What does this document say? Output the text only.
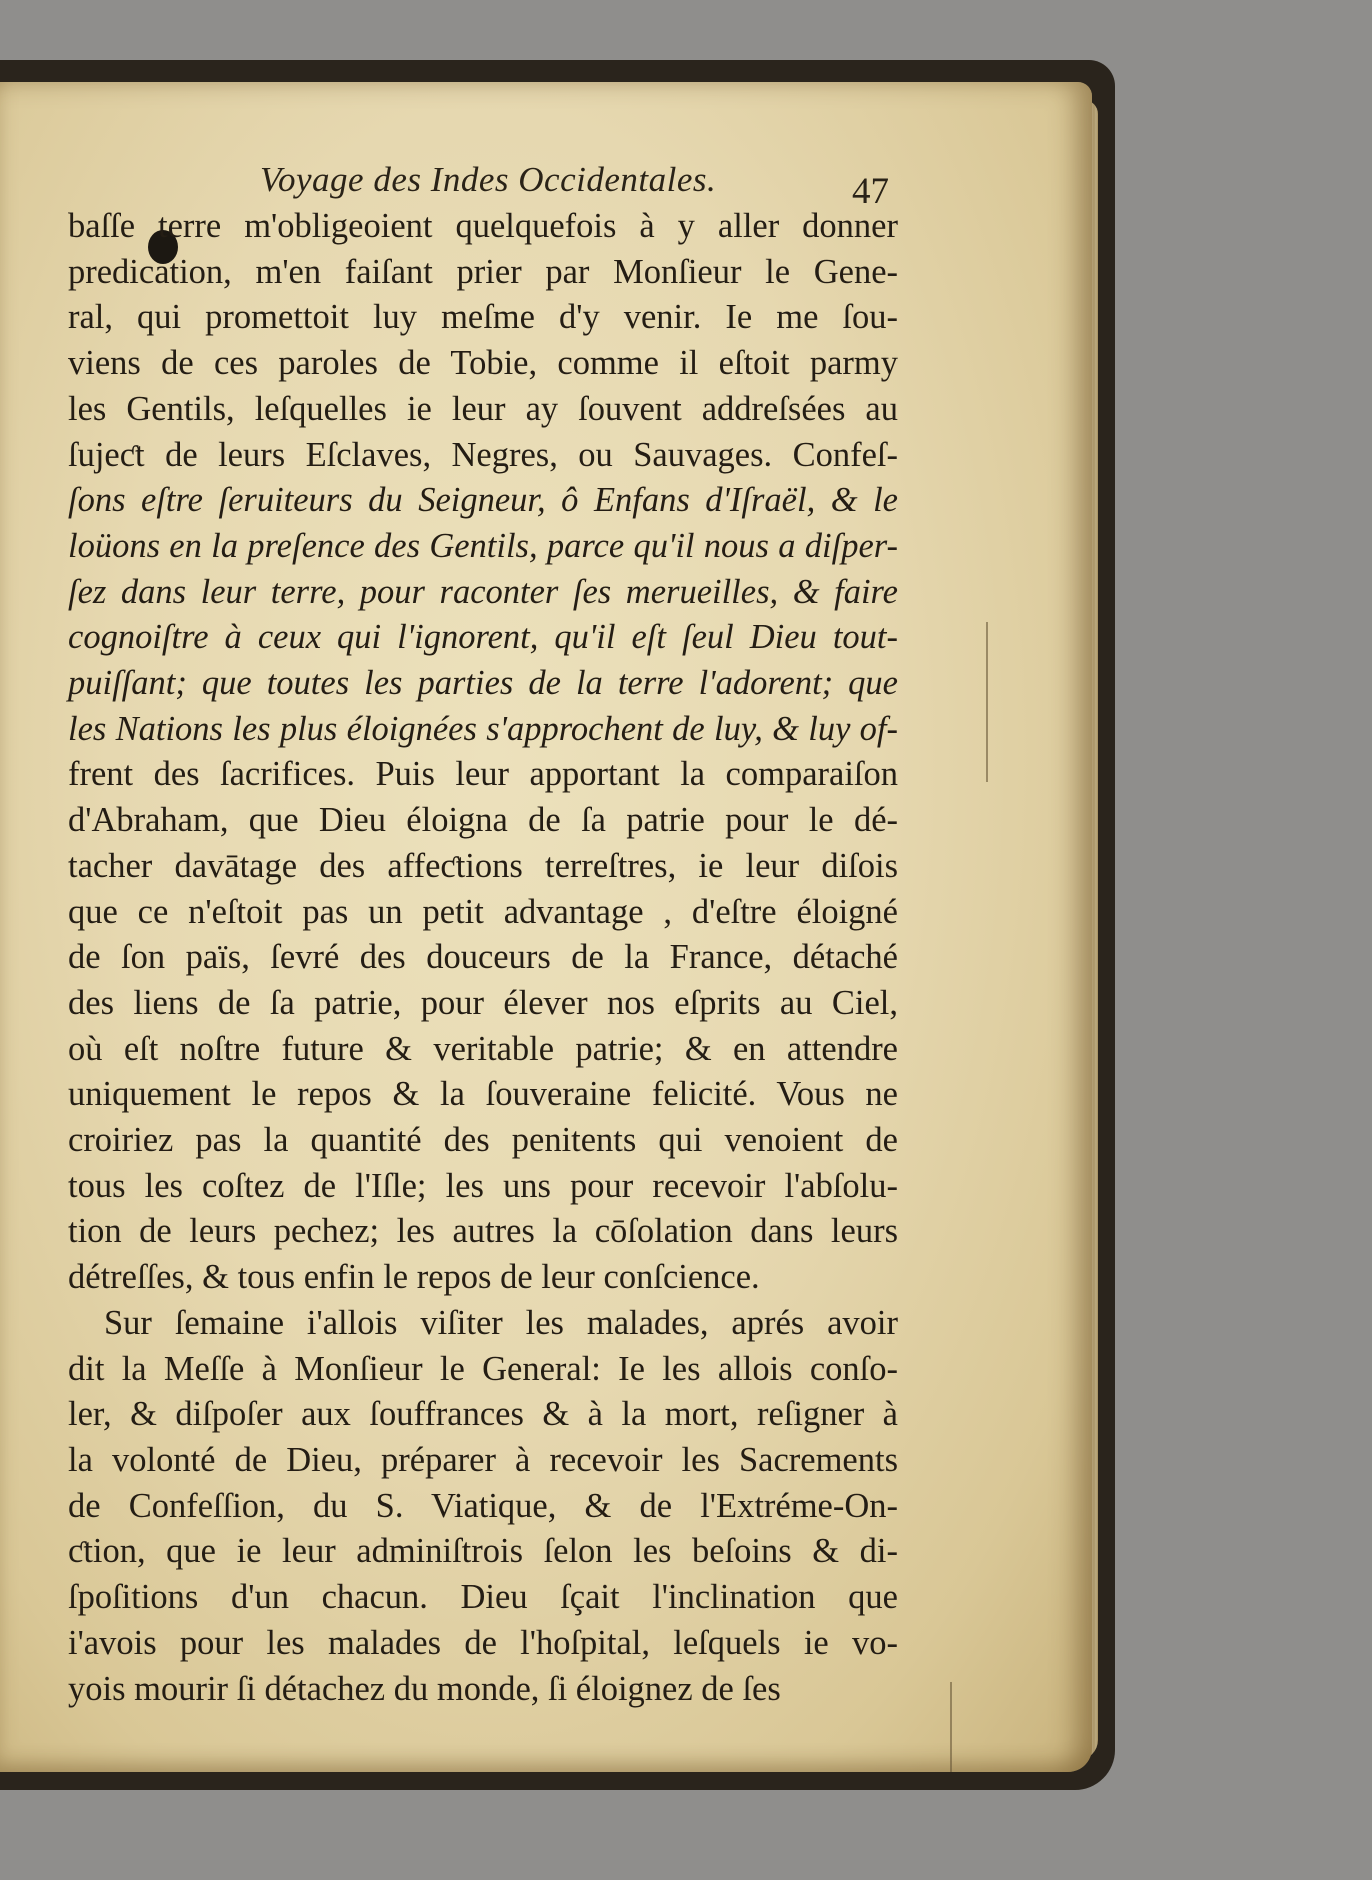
Voyage des Indes Occidentales.	47
baſſe terre m'obligeoient quelquefois à y aller donner
predication, m'en faiſant prier par Monſieur le Gene-
ral, qui promettoit luy meſme d'y venir. Ie me ſou-
viens de ces paroles de Tobie, comme il eſtoit parmy
les Gentils, leſquelles ie leur ay ſouvent addreſsées au
ſujeƈt de leurs Eſclaves, Negres, ou Sauvages. Confeſ-
ſons eſtre ſeruiteurs du Seigneur, ô Enfans d'Iſraël, & le
loüons en la preſence des Gentils, parce qu'il nous a diſper-
ſez dans leur terre, pour raconter ſes merueilles, & faire
cognoiſtre à ceux qui l'ignorent, qu'il eſt ſeul Dieu tout-
puiſſant; que toutes les parties de la terre l'adorent; que
les Nations les plus éloignées s'approchent de luy, & luy of-
frent des ſacrifices. Puis leur apportant la comparaiſon
d'Abraham, que Dieu éloigna de ſa patrie pour le dé-
tacher davātage des affeƈtions terreſtres, ie leur diſois
que ce n'eſtoit pas un petit advantage , d'eſtre éloigné
de ſon païs, ſevré des douceurs de la France, détaché
des liens de ſa patrie, pour élever nos eſprits au Ciel,
où eſt noſtre future & veritable patrie; & en attendre
uniquement le repos & la ſouveraine felicité. Vous ne
croiriez pas la quantité des penitents qui venoient de
tous les coſtez de l'Iſle; les uns pour recevoir l'abſolu-
tion de leurs pechez; les autres la cōſolation dans leurs
détreſſes, & tous enfin le repos de leur conſcience.
Sur ſemaine i'allois viſiter les malades, aprés avoir
dit la Meſſe à Monſieur le General: Ie les allois conſo-
ler, & diſpoſer aux ſouffrances & à la mort, reſigner à
la volonté de Dieu, préparer à recevoir les Sacrements
de Confeſſion, du S. Viatique, & de l'Extréme-On-
ƈtion, que ie leur adminiſtrois ſelon les beſoins & di-
ſpoſitions d'un chacun. Dieu ſçait l'inclination que
i'avois pour les malades de l'hoſpital, leſquels ie vo-
yois mourir ſi détachez du monde, ſi éloignez de ſes
